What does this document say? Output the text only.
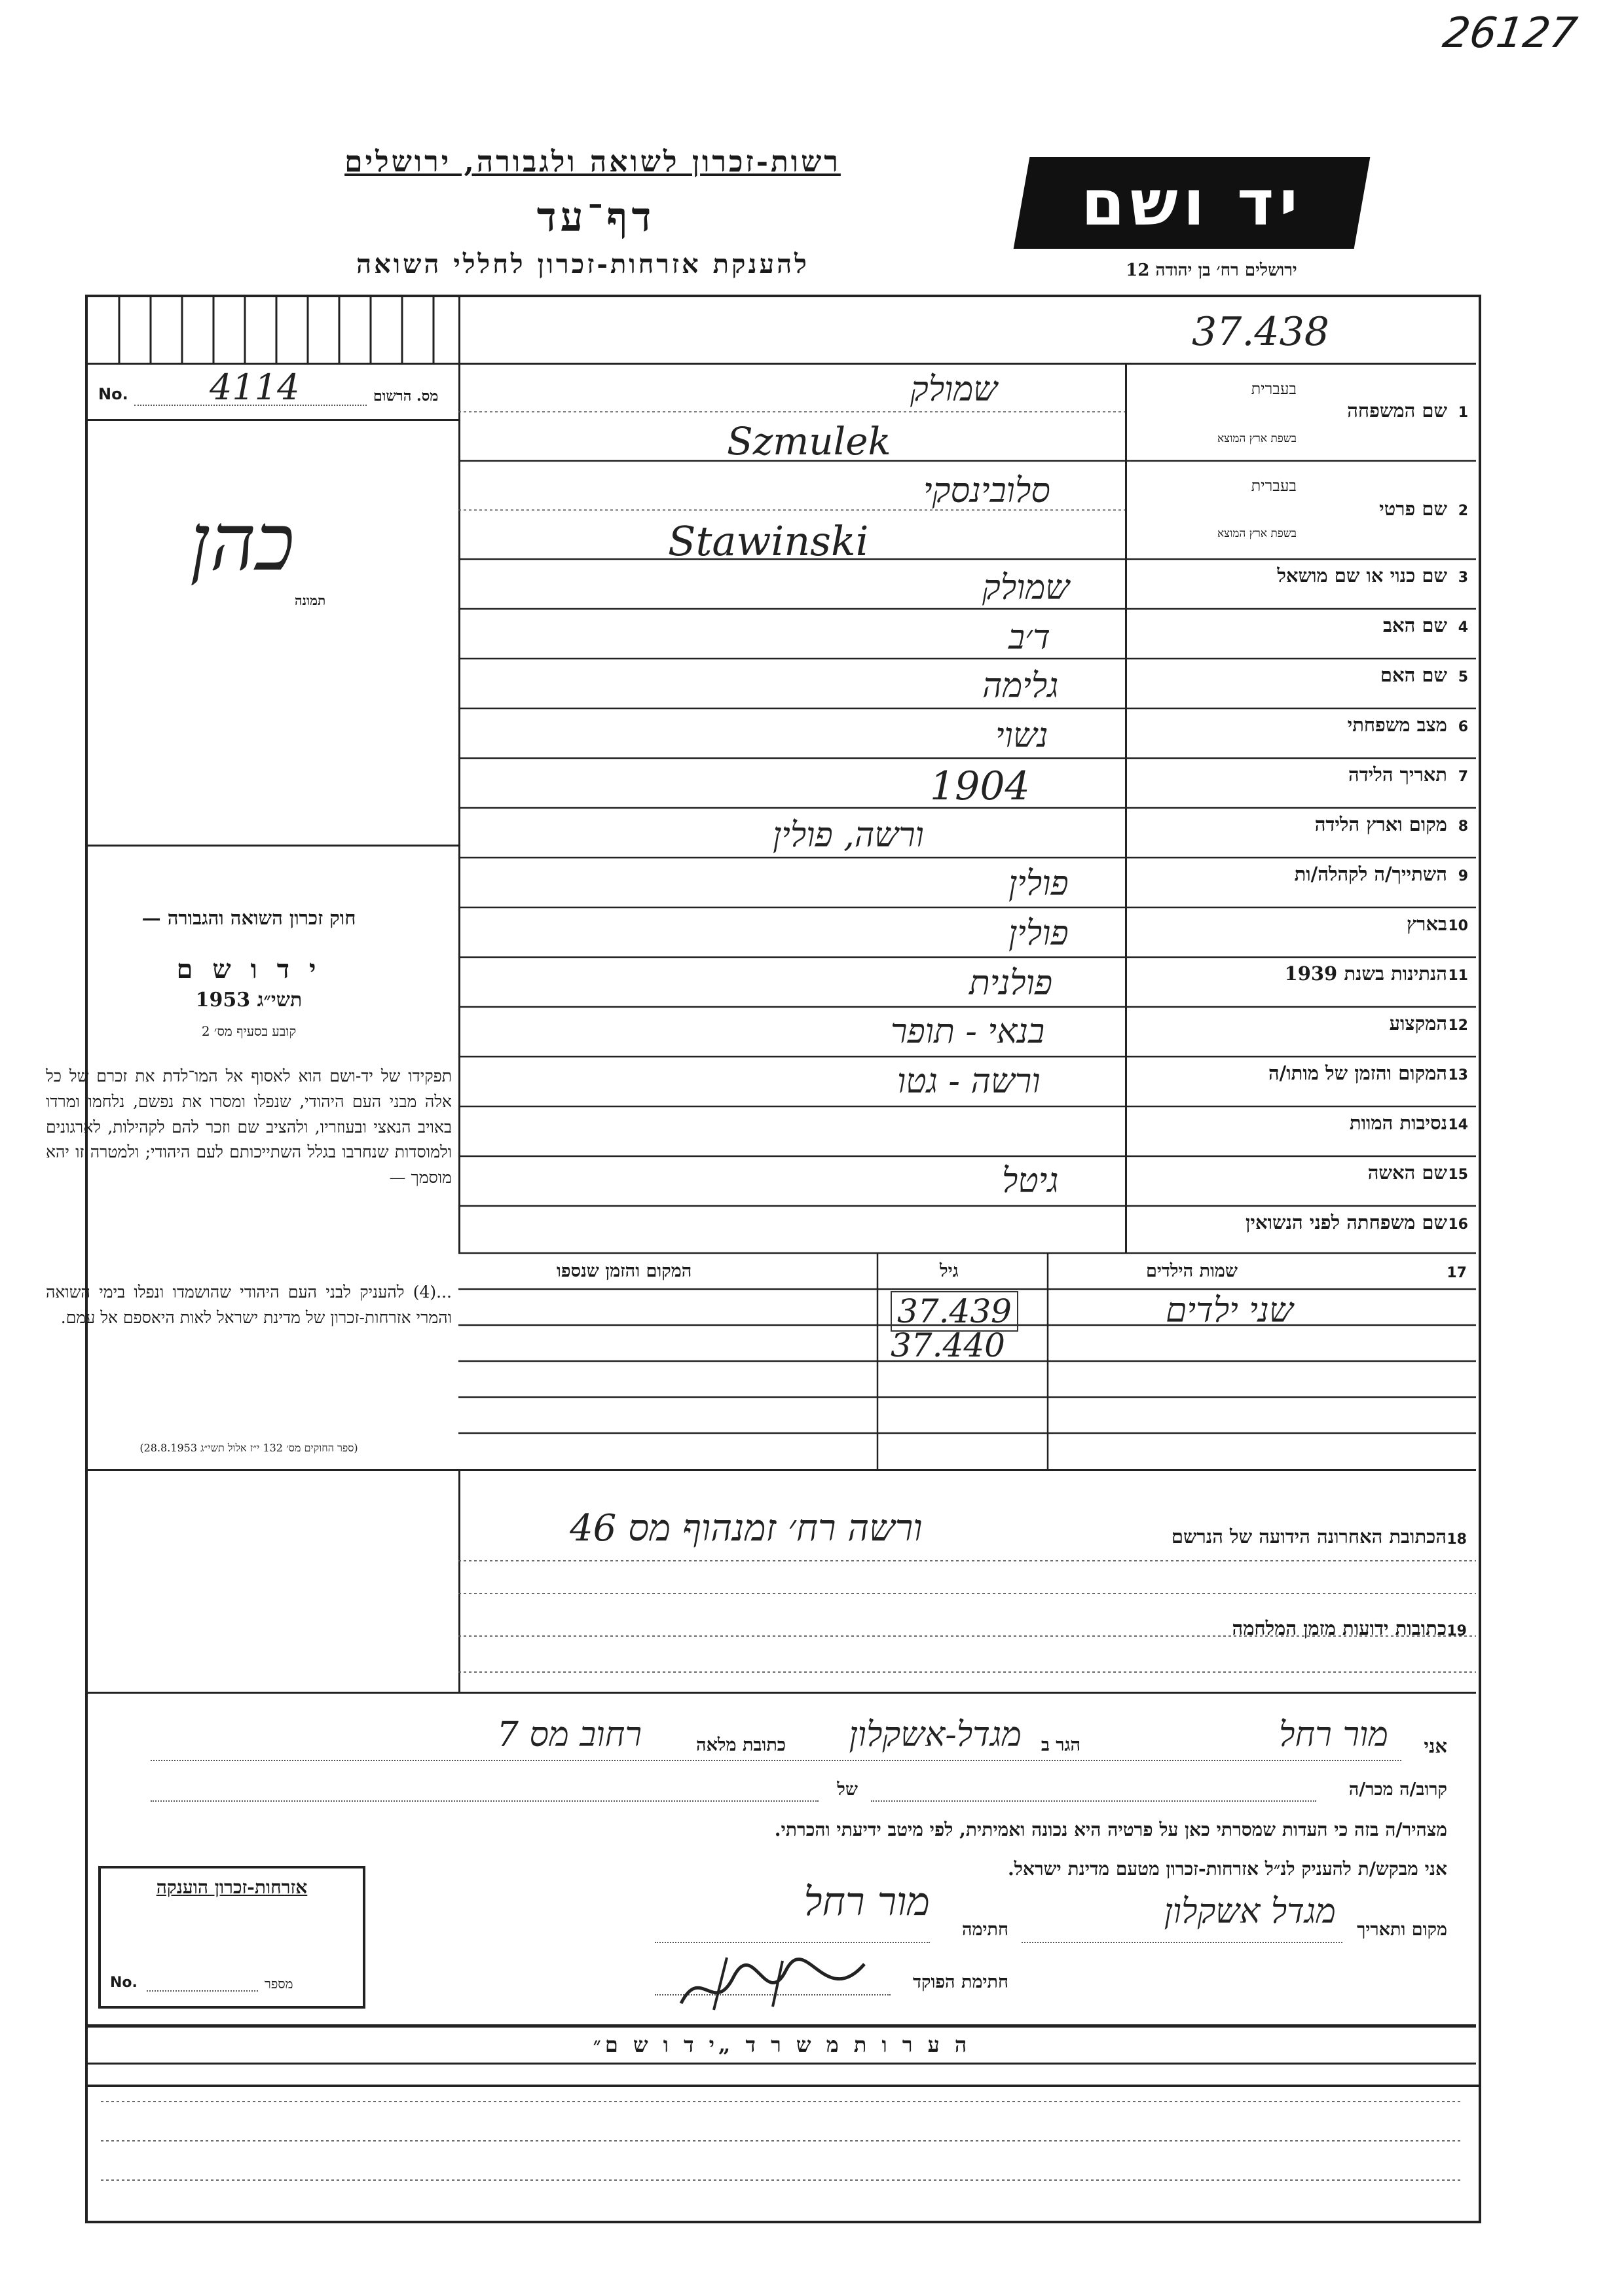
26127
רשות-זכרון לשואה ולגבורה, ירושלים
דף־עד
להענקת אזרחות-זכרון לחללי השואה
יד ושם
ירושלים רח׳ בן יהודה 12
37.438
No.	מס. הרשום
4114
כהן
תמונה
חוק זכרון השואה והגבורה —
י ד ו ש ם
תשי״ג 1953
קובע בסעיף מס׳ 2
תפקידו של יד-ושם הוא לאסוף אל המו־לדת את זכרם של כל אלה מבני העם היהודי, שנפלו ומסרו את נפשם, נלחמו ומרדו באויב הנאצי ובעוזריו, ולהציב שם וזכר להם לקהילות, לארגונים ולמוסדות שנחרבו בגלל השתייכותם לעם היהודי; ולמטרה זו יהא מוסמך —
...(4) להעניק לבני העם היהודי שהושמדו ונפלו בימי השואה והמרי אזרחות-זכרון של מדינת ישראל לאות היאספם אל עמם.
(ספר החוקים מס׳ 132 י״ז אלול תשי״ג 28.8.1953)
1
שם המשפחה
בעברית
בשפת ארץ המוצא
2
שם פרטי
בעברית
בשפת ארץ המוצא
3
שם כנוי או שם מושאל
4
שם האב
5
שם האם
6
מצב משפחתי
7
תאריך הלידה
8
מקום וארץ הלידה
9
השתייך/ה לקהלה/ות
10
בארץ
11
הנתינות בשנת 1939
12
המקצוע
13
המקום והזמן של מותו/ה
14
נסיבות המוות
15
שם האשה
16
שם משפחתה לפני הנשואין
שמולק
Szmulek
סלובינסקי
Stawinski
שמולק
ד׳ב
גלימה
נשוי
1904
ורשה, פולין
פולין
פולין
פולנית
בנאי - תופר
ורשה - גטו
גיטל
17
שמות הילדים
גיל
המקום והזמן שנספו
שני ילדים
37.439
37.440
18
הכתובת האחרונה הידועה של הנרשם
ורשה רח׳ זמנהוף מס 46
19
כתובות ידועות מזמן המלחמה
אני
מור רחל
הגר ב
מגדל-אשקלון
כתובת מלאה
רחוב מס 7
קרוב/ה מכר/ה
של
מצהיר/ה בזה כי העדות שמסרתי כאן על פרטיה היא נכונה ואמיתית, לפי מיטב ידיעתי והכרתי.
אני מבקש/ת להעניק לנ״ל אזרחות-זכרון מטעם מדינת ישראל.
מקום ותאריך
מגדל אשקלון
חתימה
מור רחל
חתימת הפוקד
אזרחות-זכרון הוענקה
No.	מספר
ה ע ר ו ת מ ש ר ד „י ד ו ש ם״
